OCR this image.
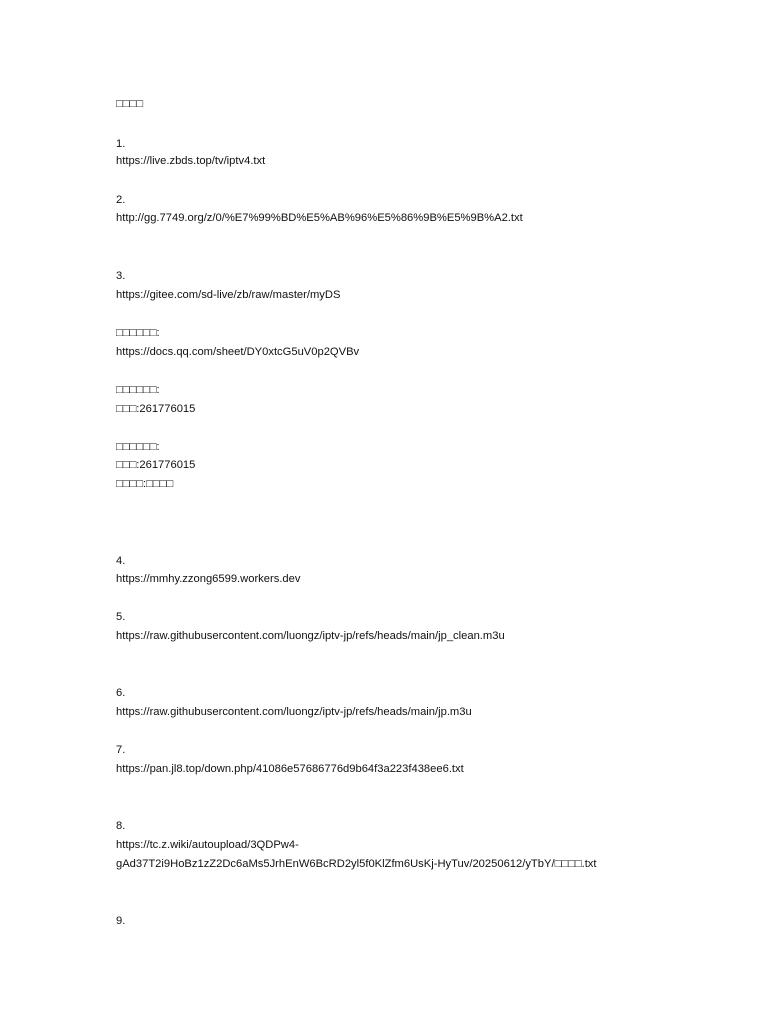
□□□□
1.
https://live.zbds.top/tv/iptv4.txt
2.
http://gg.7749.org/z/0/%E7%99%BD%E5%AB%96%E5%86%9B%E5%9B%A2.txt
3.
https://gitee.com/sd-live/zb/raw/master/myDS
□□□□□□:
https://docs.qq.com/sheet/DY0xtcG5uV0p2QVBv
□□□□□□:
□□□:261776015
□□□□□□:
□□□:261776015
□□□□:□□□□
4.
https://mmhy.zzong6599.workers.dev
5.
https://raw.githubusercontent.com/luongz/iptv-jp/refs/heads/main/jp_clean.m3u
6.
https://raw.githubusercontent.com/luongz/iptv-jp/refs/heads/main/jp.m3u
7.
https://pan.jl8.top/down.php/41086e57686776d9b64f3a223f438ee6.txt
8.
https://tc.z.wiki/autoupload/3QDPw4-
gAd37T2i9HoBz1zZ2Dc6aMs5JrhEnW6BcRD2yl5f0KlZfm6UsKj-HyTuv/20250612/yTbY/□□□□.txt
9.
